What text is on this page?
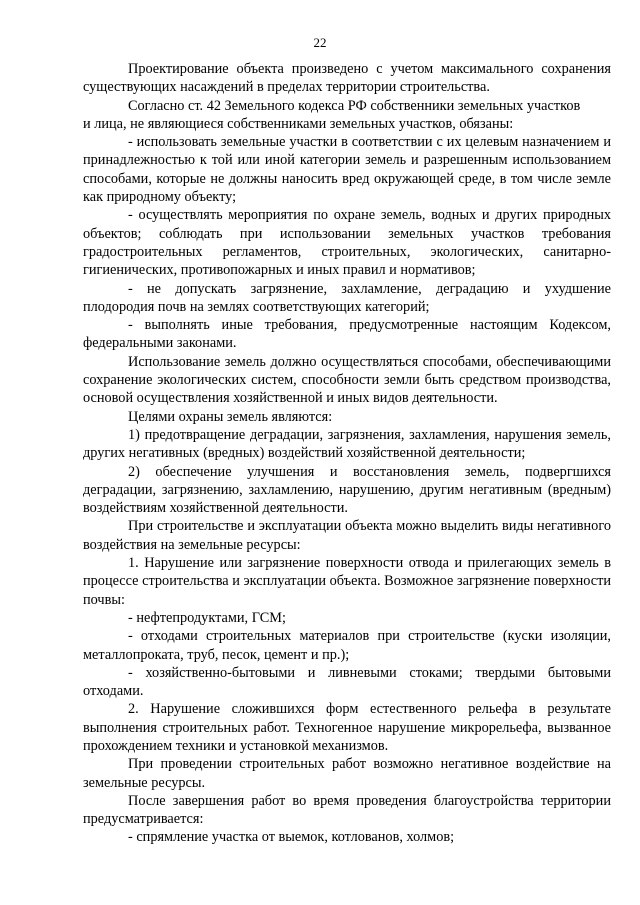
22

Проектирование объекта произведено с учетом максимального сохранения существующих насаждений в пределах территории строительства.

Согласно ст. 42 Земельного кодекса РФ собственники земельных участков

и лица, не являющиеся собственниками земельных участков, обязаны:

- использовать земельные участки в соответствии с их целевым назначением и принадлежностью к той или иной категории земель и разрешенным использованием способами, которые не должны наносить вред окружающей среде, в том числе земле как природному объекту;

- осуществлять мероприятия по охране земель, водных и других природных объектов; соблюдать при использовании земельных участков требования градостроительных регламентов, строительных, экологических, санитарно-гигиенических, противопожарных и иных правил и нормативов;

- не допускать загрязнение, захламление, деградацию и ухудшение плодородия почв на землях соответствующих категорий;

- выполнять иные требования, предусмотренные настоящим Кодексом, федеральными законами.

Использование земель должно осуществляться способами, обеспечивающими сохранение экологических систем, способности земли быть средством производства, основой осуществления хозяйственной и иных видов деятельности.

Целями охраны земель являются:

1) предотвращение деградации, загрязнения, захламления, нарушения земель, других негативных (вредных) воздействий хозяйственной деятельности;

2) обеспечение улучшения и восстановления земель, подвергшихся деградации, загрязнению, захламлению, нарушению, другим негативным (вредным) воздействиям хозяйственной деятельности.

При строительстве и эксплуатации объекта можно выделить виды негативного воздействия на земельные ресурсы:

1. Нарушение или загрязнение поверхности отвода и прилегающих земель в процессе строительства и эксплуатации объекта. Возможное загрязнение поверхности почвы:

- нефтепродуктами, ГСМ;

- отходами строительных материалов при строительстве (куски изоляции, металлопроката, труб, песок, цемент и пр.);

- хозяйственно-бытовыми и ливневыми стоками; твердыми бытовыми отходами.

2. Нарушение сложившихся форм естественного рельефа в результате выполнения строительных работ. Техногенное нарушение микрорельефа, вызванное прохождением техники и установкой механизмов.

При проведении строительных работ возможно негативное воздействие на земельные ресурсы.

После завершения работ во время проведения благоустройства территории предусматривается:

- спрямление участка от выемок, котлованов, холмов;
